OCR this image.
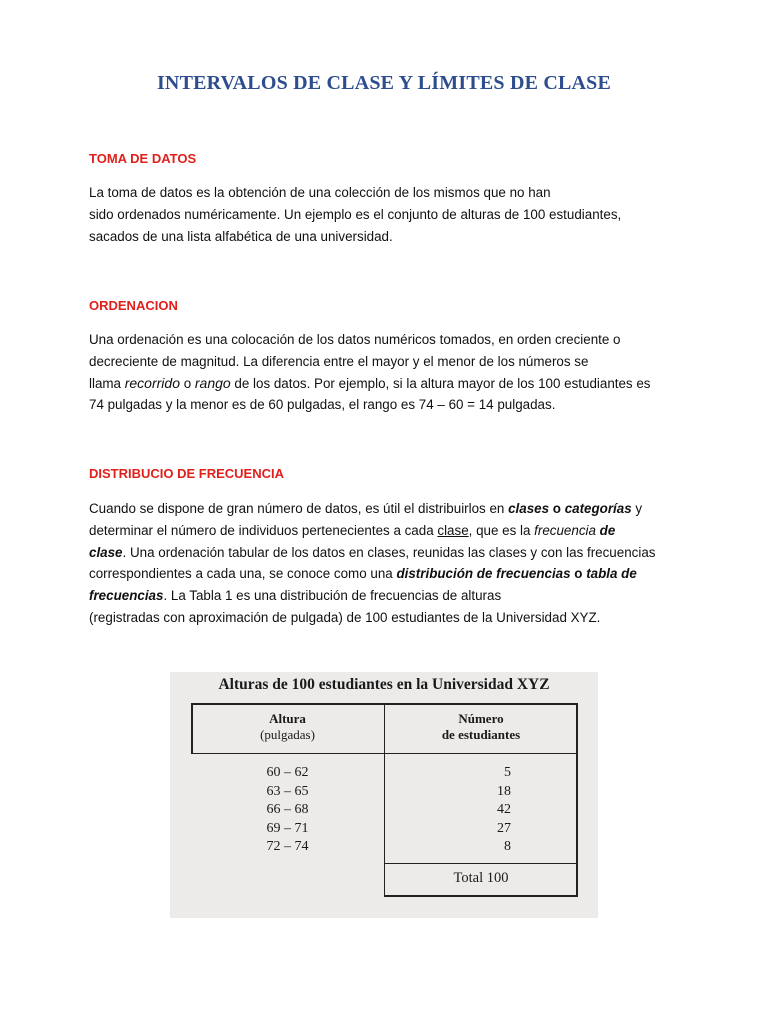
INTERVALOS DE CLASE Y LÍMITES DE CLASE
TOMA DE DATOS
La toma de datos es la obtención de una colección de los mismos que no han
sido ordenados numéricamente. Un ejemplo es el conjunto de alturas de 100 estudiantes,
sacados de una lista alfabética de una universidad.
ORDENACION
Una ordenación es una colocación de los datos numéricos tomados, en orden creciente o
decreciente de magnitud. La diferencia entre el mayor y el menor de los números se
llama recorrido o rango de los datos. Por ejemplo, si la altura mayor de los 100 estudiantes es
74 pulgadas y la menor es de 60 pulgadas, el rango es 74 – 60 = 14 pulgadas.
DISTRIBUCIO DE FRECUENCIA
Cuando se dispone de gran número de datos, es útil el distribuirlos en clases o categorías y
determinar el número de individuos pertenecientes a cada clase, que es la frecuencia de
clase. Una ordenación tabular de los datos en clases, reunidas las clases y con las frecuencias
correspondientes a cada una, se conoce como una distribución de frecuencias o tabla de
frecuencias. La Tabla 1 es una distribución de frecuencias de alturas
(registradas con aproximación de pulgada) de 100 estudiantes de la Universidad XYZ.
Alturas de 100 estudiantes en la Universidad XYZ
Altura
(pulgadas)
Número
de estudiantes
60 – 62
63 – 65
66 – 68
69 – 71
72 – 74
5
18
42
27
8
Total 100
